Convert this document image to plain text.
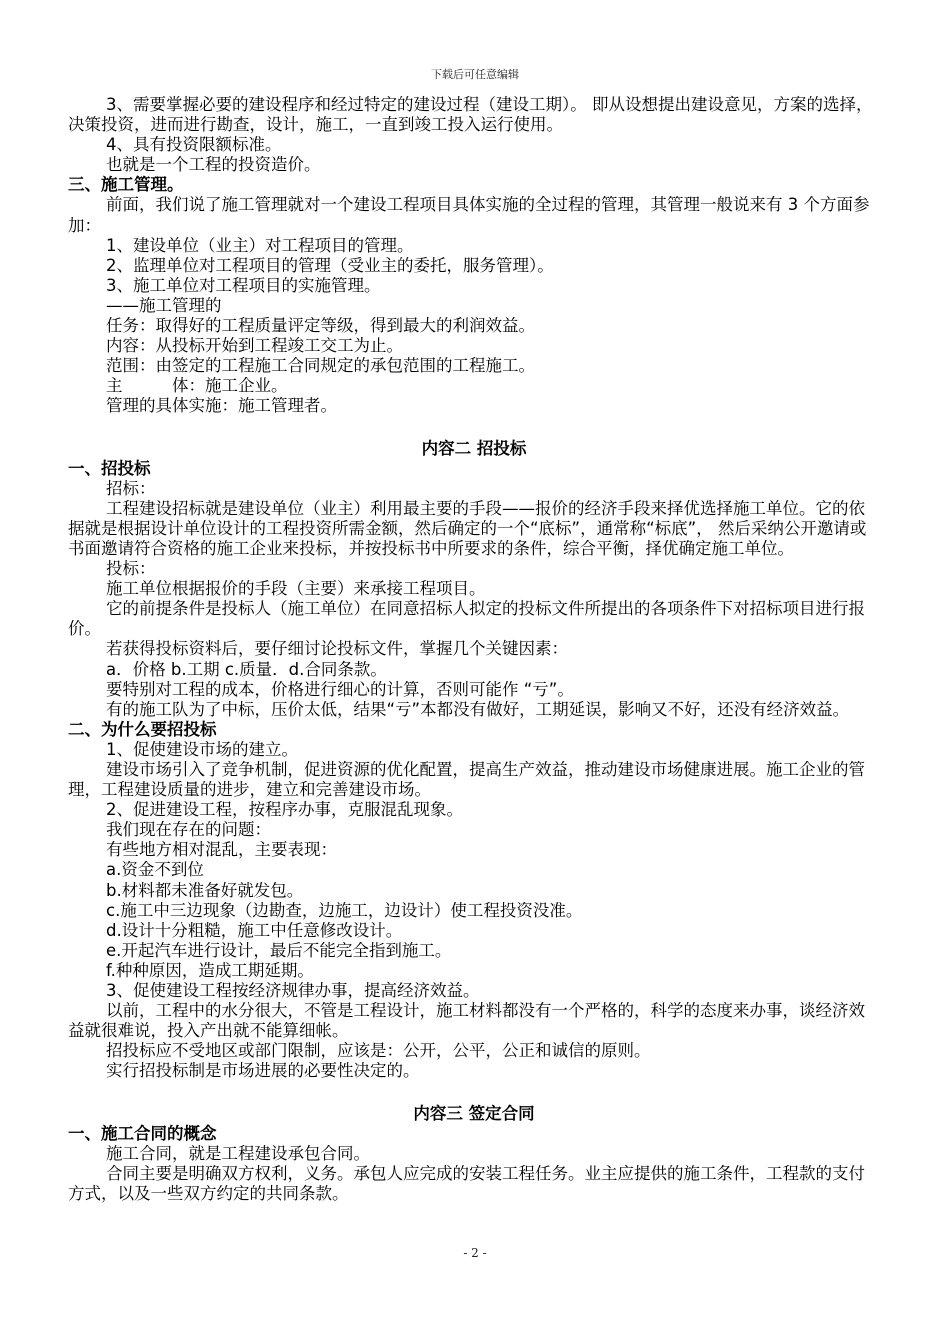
下载后可任意编辑

3、需要掌握必要的建设程序和经过特定的建设过程（建设工期）。 即从设想提出建设意见，方案的选择，决策投资，进而进行勘查，设计，施工，一直到竣工投入运行使用。

4、具有投资限额标准。

也就是一个工程的投资造价。

三、施工管理。

前面，我们说了施工管理就对一个建设工程项目具体实施的全过程的管理，其管理一般说来有 3 个方面参加：

1、建设单位（业主）对工程项目的管理。

2、监理单位对工程项目的管理（受业主的委托，服务管理）。

3、施工单位对工程项目的实施管理。

——施工管理的

任务：取得好的工程质量评定等级，得到最大的利润效益。

内容：从投标开始到工程竣工交工为止。

范围：由签定的工程施工合同规定的承包范围的工程施工。

主　　　体：施工企业。

管理的具体实施：施工管理者。

内容二 招投标

一、招投标

招标：

工程建设招标就是建设单位（业主）利用最主要的手段——报价的经济手段来择优选择施工单位。它的依据就是根据设计单位设计的工程投资所需金额，然后确定的一个“底标”，通常称“标底”， 然后采纳公开邀请或书面邀请符合资格的施工企业来投标，并按投标书中所要求的条件，综合平衡，择优确定施工单位。

投标：

施工单位根据报价的手段（主要）来承接工程项目。

它的前提条件是投标人（施工单位）在同意招标人拟定的投标文件所提出的各项条件下对招标项目进行报价。

若获得投标资料后，要仔细讨论投标文件，掌握几个关键因素：

a．价格 b.工期 c.质量．d.合同条款。

要特别对工程的成本，价格进行细心的计算，否则可能作 “亏”。

有的施工队为了中标，压价太低，结果“亏”本都没有做好，工期延误，影响又不好，还没有经济效益。

二、为什么要招投标

1、促使建设市场的建立。

建设市场引入了竞争机制，促进资源的优化配置，提高生产效益，推动建设市场健康进展。施工企业的管理，工程建设质量的进步，建立和完善建设市场。

2、促进建设工程，按程序办事，克服混乱现象。

我们现在存在的问题：

有些地方相对混乱，主要表现：

a.资金不到位

b.材料都未准备好就发包。

c.施工中三边现象（边勘查，边施工，边设计）使工程投资没准。

d.设计十分粗糙，施工中任意修改设计。

e.开起汽车进行设计，最后不能完全指到施工。

f.种种原因，造成工期延期。

3、促使建设工程按经济规律办事，提高经济效益。

以前，工程中的水分很大，不管是工程设计，施工材料都没有一个严格的，科学的态度来办事，谈经济效益就很难说，投入产出就不能算细帐。

招投标应不受地区或部门限制，应该是：公开，公平，公正和诚信的原则。

实行招投标制是市场进展的必要性决定的。

内容三 签定合同

一、施工合同的概念

施工合同，就是工程建设承包合同。

合同主要是明确双方权利，义务。承包人应完成的安装工程任务。业主应提供的施工条件，工程款的支付方式，以及一些双方约定的共同条款。

- 2 -
